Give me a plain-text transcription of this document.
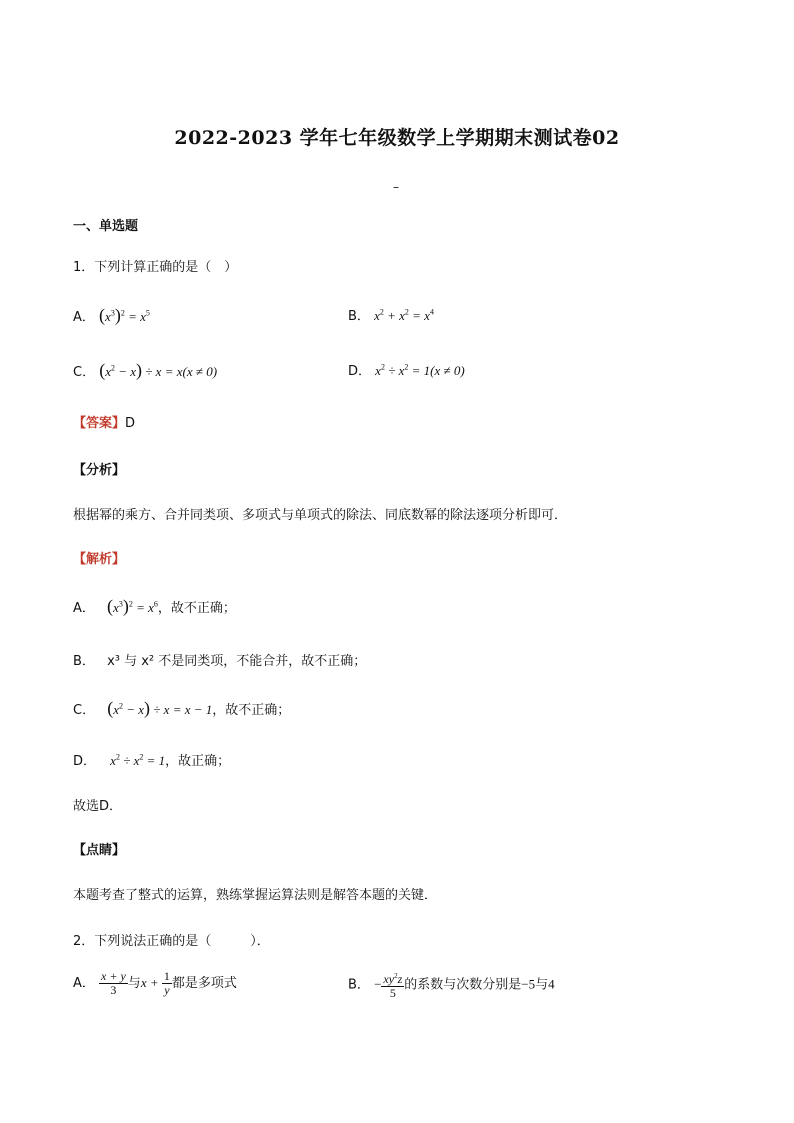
2022-2023 学年七年级数学上学期期末测试卷02
–
一、单选题
1．下列计算正确的是（　）
A． $(x^3)^2 = x^5$	B． $x^2 + x^2 = x^4$
C． $(x^2 - x) \div x = x(x \ne 0)$	D． $x^2 \div x^2 = 1(x \ne 0)$
【答案】D
【分析】
根据幂的乘方、合并同类项、多项式与单项式的除法、同底数幂的除法逐项分析即可．
【解析】
A． $(x^3)^2 = x^6$，故不正确；
B． x³ 与 x² 不是同类项，不能合并，故不正确；
C． $(x^2 - x) \div x = x - 1$，故不正确；
D． $x^2 \div x^2 = 1$，故正确；
故选D．
【点睛】
本题考查了整式的运算，熟练掌握运算法则是解答本题的关键．
2．下列说法正确的是（　　　）．
A． $\frac{x + y}{3}$ 与$x + \frac{1}{y}$ 都是多项式	B． − $\frac{xy^2z}{5}$ 的系数与次数分别是−5与4
